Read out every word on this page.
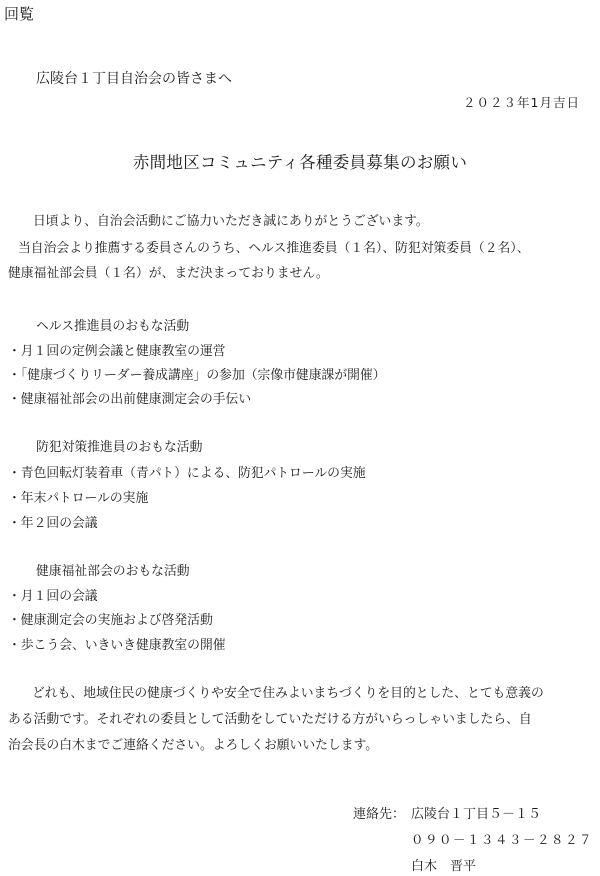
回覧
広陵台１丁目自治会の皆さまへ
２０２３年1月吉日
赤間地区コミュニティ各種委員募集のお願い
日頃より、自治会活動にご協力いただき誠にありがとうございます。
当自治会より推薦する委員さんのうち、ヘルス推進委員（１名）、防犯対策委員（２名）、
健康福祉部会員（１名）が、まだ決まっておりません。
ヘルス推進員のおもな活動
・月１回の定例会議と健康教室の運営
・「健康づくりリーダー養成講座」の参加（宗像市健康課が開催）
・健康福祉部会の出前健康測定会の手伝い
防犯対策推進員のおもな活動
・青色回転灯装着車（青パト）による、防犯パトロールの実施
・年末パトロールの実施
・年２回の会議
健康福祉部会のおもな活動
・月１回の会議
・健康測定会の実施および啓発活動
・歩こう会、いきいき健康教室の開催
どれも、地域住民の健康づくりや安全で住みよいまちづくりを目的とした、とても意義の
ある活動です。それぞれの委員として活動をしていただける方がいらっしゃいましたら、自
治会長の白木までご連絡ください。よろしくお願いいたします。
連絡先： 広陵台１丁目５－１５
０９０－１３４３－２８２７
白木　晋平
